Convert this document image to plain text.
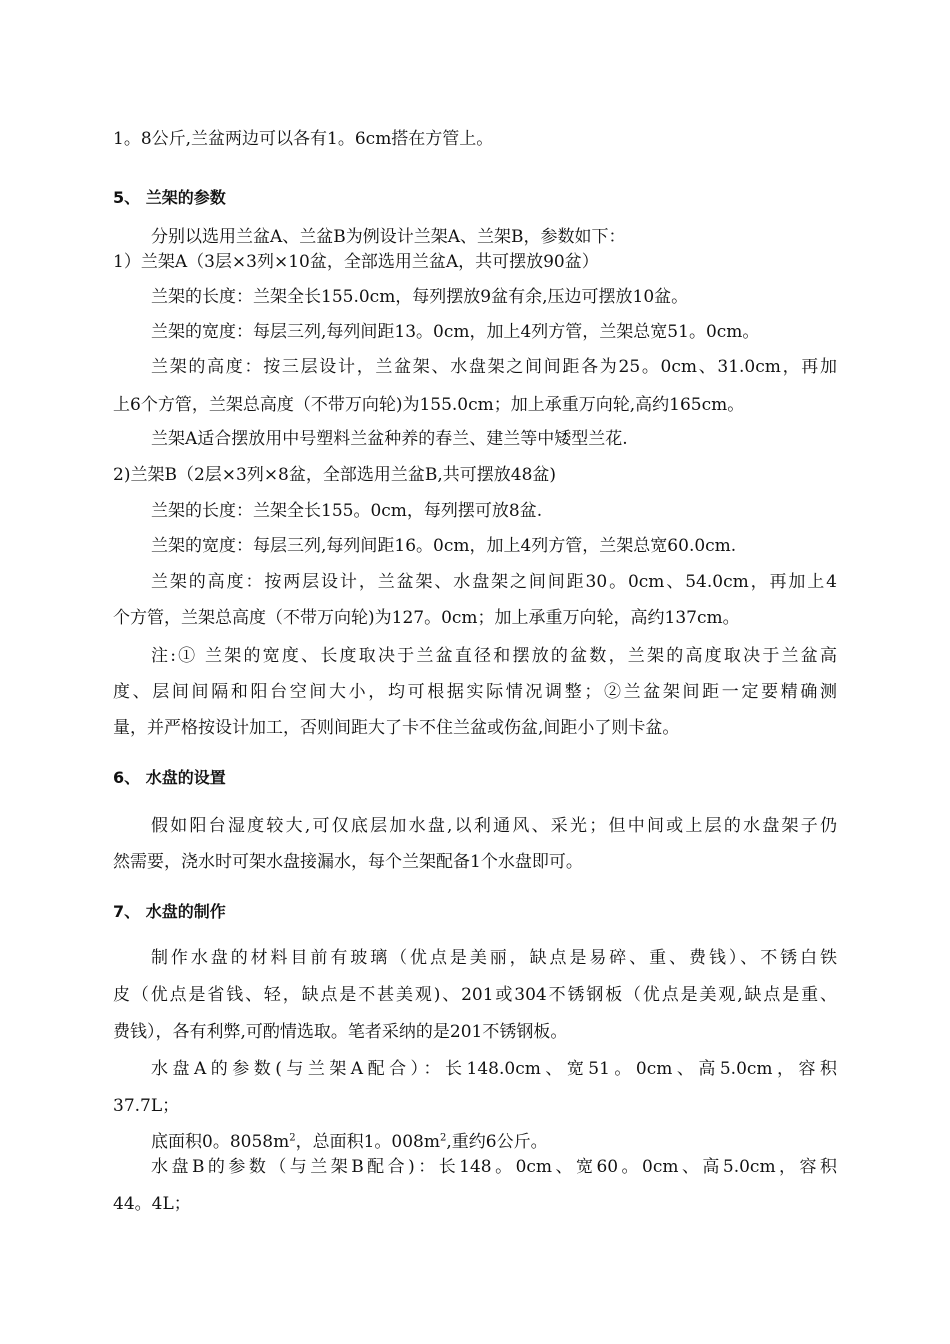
1。8公斤,兰盆两边可以各有1。6cm搭在方管上。
5、 兰架的参数
分别以选用兰盆A、兰盆B为例设计兰架A、兰架B，参数如下：
1）兰架A（3层×3列×10盆，全部选用兰盆A，共可摆放90盆）
兰架的长度：兰架全长155.0cm，每列摆放9盆有余,压边可摆放10盆。
兰架的宽度：每层三列,每列间距13。0cm，加上4列方管，兰架总宽51。0cm。
兰架的高度：按三层设计，兰盆架、水盘架之间间距各为25。0cm、31.0cm，再加
上6个方管，兰架总高度（不带万向轮)为155.0cm；加上承重万向轮,高约165cm。
兰架A适合摆放用中号塑料兰盆种养的春兰、建兰等中矮型兰花.
2)兰架B（2层×3列×8盆，全部选用兰盆B,共可摆放48盆)
兰架的长度：兰架全长155。0cm，每列摆可放8盆.
兰架的宽度：每层三列,每列间距16。0cm，加上4列方管，兰架总宽60.0cm.
兰架的高度：按两层设计，兰盆架、水盘架之间间距30。0cm、54.0cm，再加上4
个方管，兰架总高度（不带万向轮)为127。0cm；加上承重万向轮，高约137cm。
注:① 兰架的宽度、长度取决于兰盆直径和摆放的盆数，兰架的高度取决于兰盆高
度、层间间隔和阳台空间大小，均可根据实际情况调整；②兰盆架间距一定要精确测
量，并严格按设计加工，否则间距大了卡不住兰盆或伤盆,间距小了则卡盆。
6、 水盘的设置
假如阳台湿度较大,可仅底层加水盘,以利通风、采光；但中间或上层的水盘架子仍
然需要，浇水时可架水盘接漏水，每个兰架配备1个水盘即可。
7、 水盘的制作
制作水盘的材料目前有玻璃（优点是美丽，缺点是易碎、重、费钱）、不锈白铁
皮（优点是省钱、轻，缺点是不甚美观)、201或304不锈钢板（优点是美观,缺点是重、
费钱），各有利弊,可酌情选取。笔者采纳的是201不锈钢板。
水盘A的参数(与兰架A配合）：长148.0cm、宽51。0cm、高5.0cm，容积
37.7L；
底面积0。$8058m^2$，总面积1。$008m^2$,重约6公斤。
水盘B的参数（与兰架B配合)：长148。0cm、宽60。0cm、高5.0cm，容积
44。4L；
